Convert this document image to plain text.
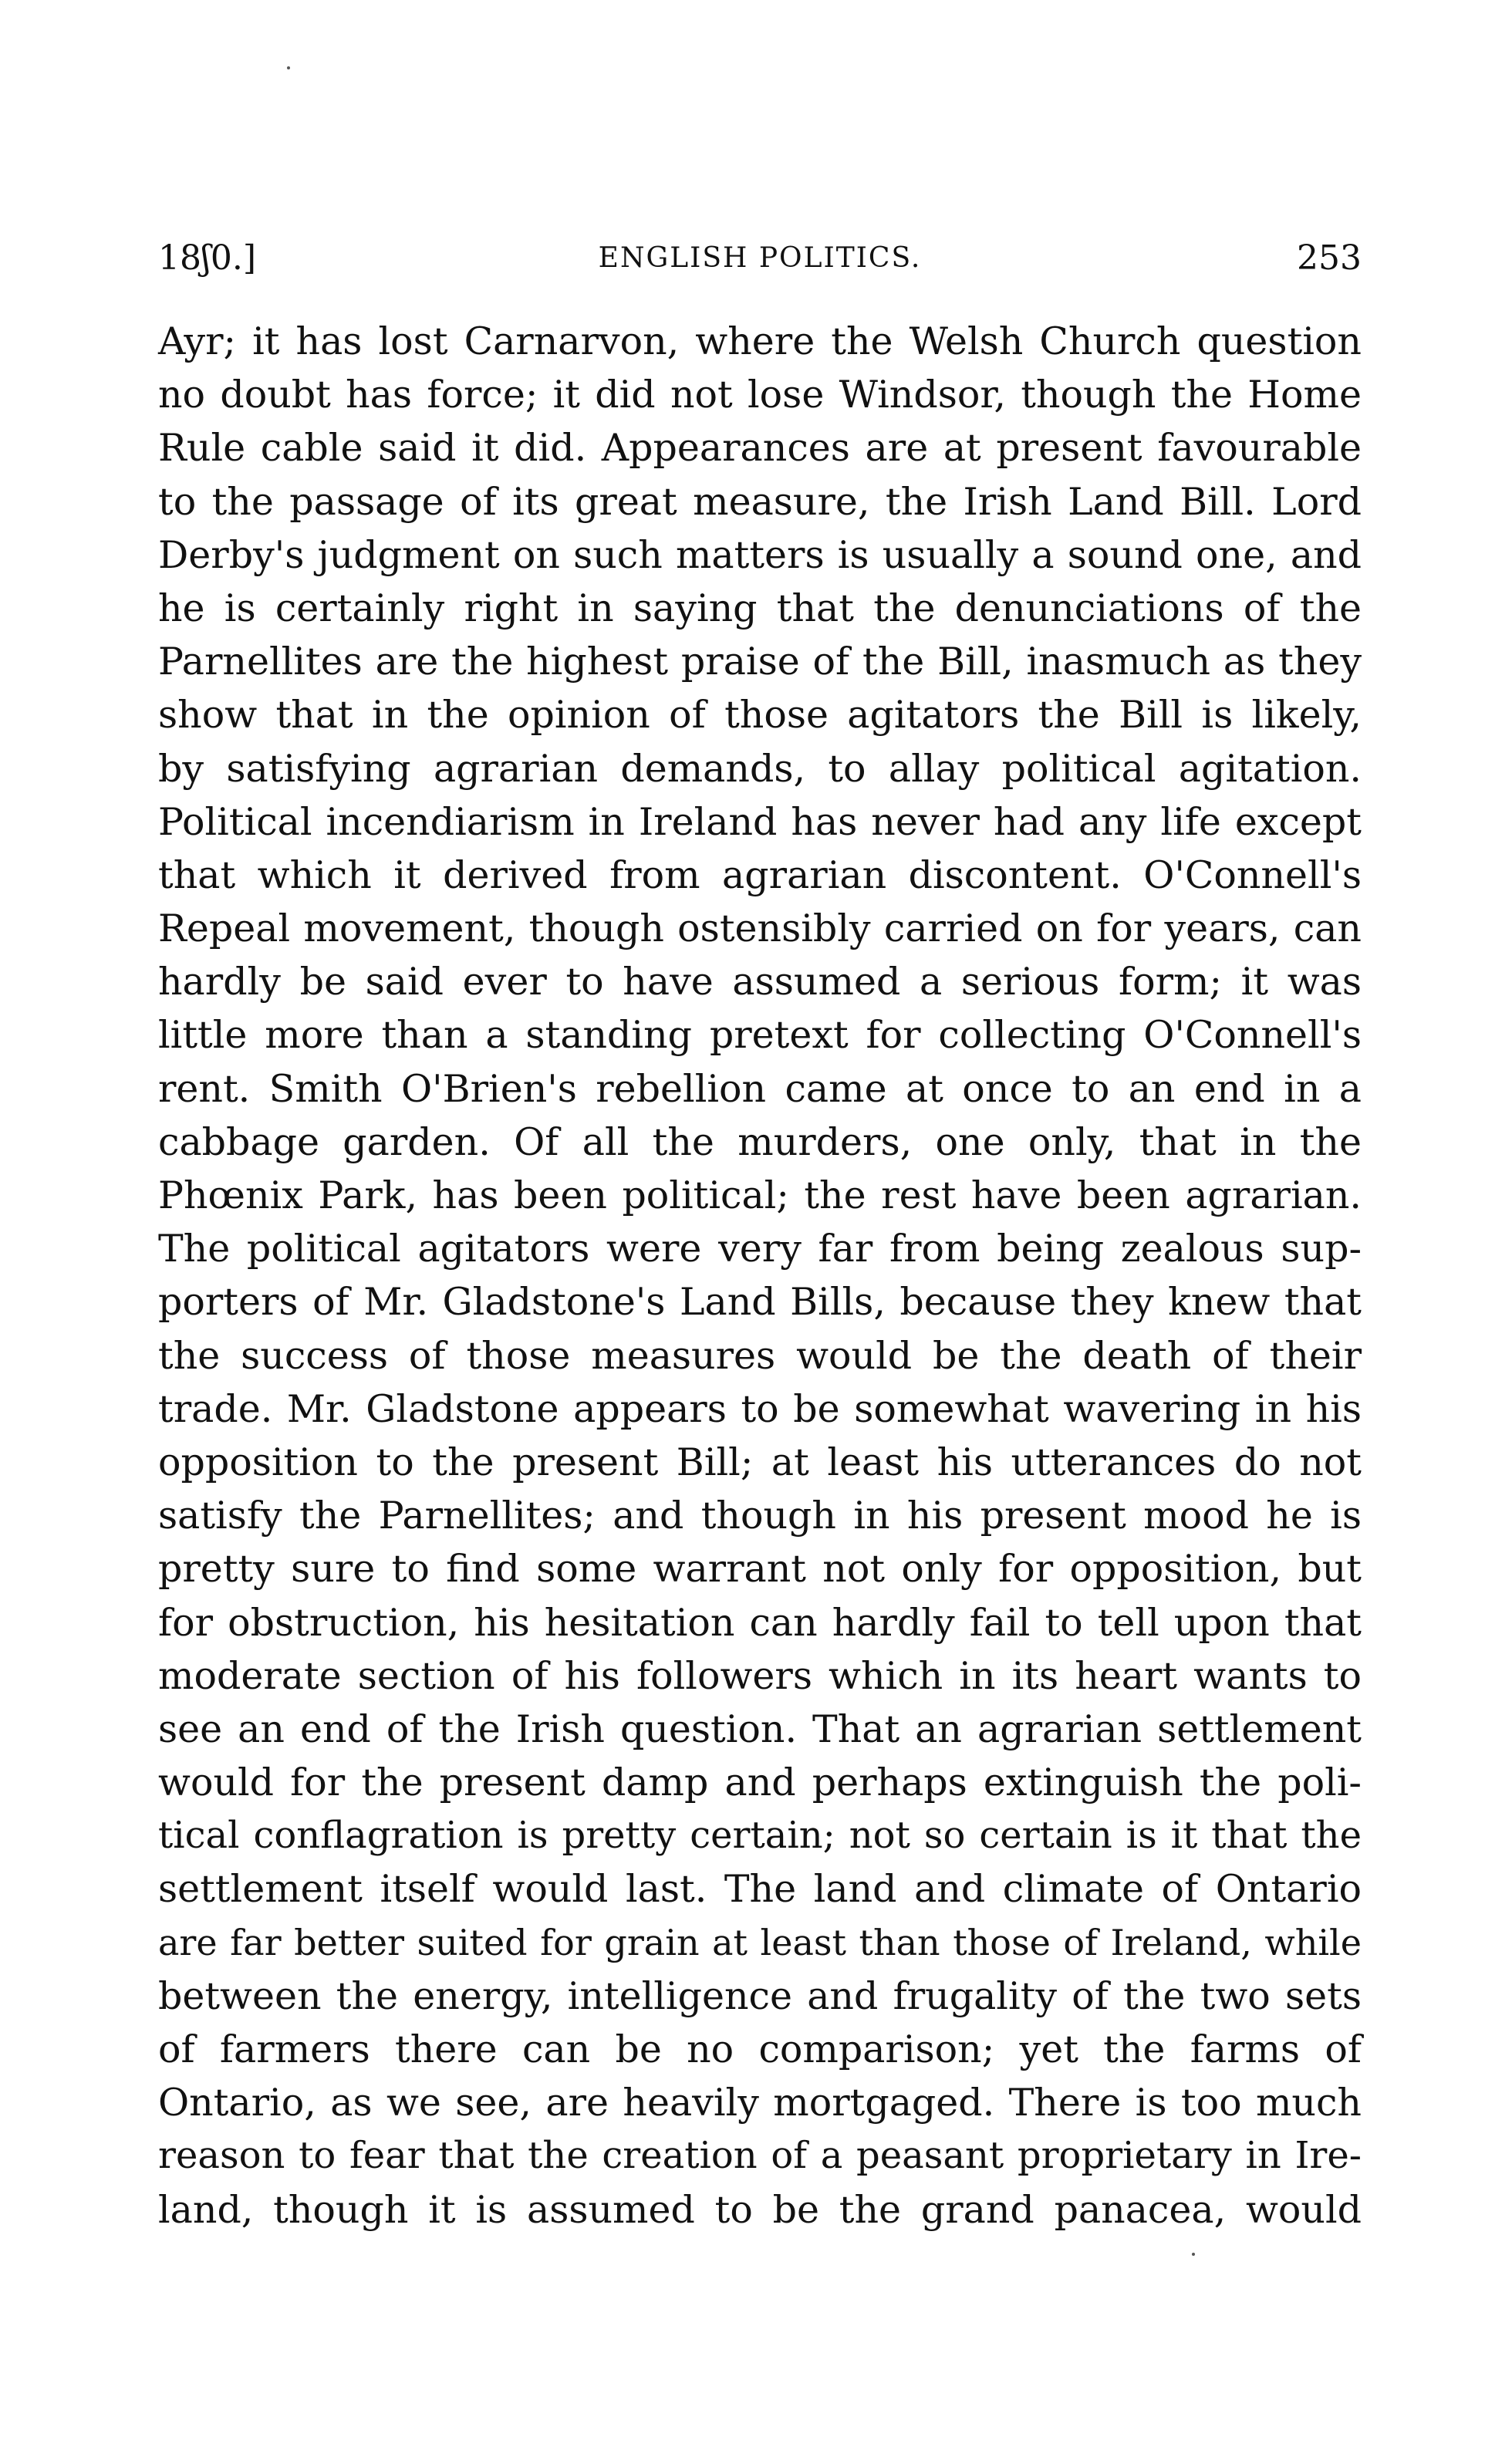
18ʃ0.]	ENGLISH POLITICS.	253
Ayr; it has lost Carnarvon, where the Welsh Church question
no doubt has force; it did not lose Windsor, though the Home
Rule cable said it did. Appearances are at present favourable
to the passage of its great measure, the Irish Land Bill. Lord
Derby's judgment on such matters is usually a sound one, and
he is certainly right in saying that the denunciations of the
Parnellites are the highest praise of the Bill, inasmuch as they
show that in the opinion of those agitators the Bill is likely,
by satisfying agrarian demands, to allay political agitation.
Political incendiarism in Ireland has never had any life except
that which it derived from agrarian discontent. O'Connell's
Repeal movement, though ostensibly carried on for years, can
hardly be said ever to have assumed a serious form; it was
little more than a standing pretext for collecting O'Connell's
rent. Smith O'Brien's rebellion came at once to an end in a
cabbage garden. Of all the murders, one only, that in the
Phœnix Park, has been political; the rest have been agrarian.
The political agitators were very far from being zealous sup-
porters of Mr. Gladstone's Land Bills, because they knew that
the success of those measures would be the death of their
trade. Mr. Gladstone appears to be somewhat wavering in his
opposition to the present Bill; at least his utterances do not
satisfy the Parnellites; and though in his present mood he is
pretty sure to find some warrant not only for opposition, but
for obstruction, his hesitation can hardly fail to tell upon that
moderate section of his followers which in its heart wants to
see an end of the Irish question. That an agrarian settlement
would for the present damp and perhaps extinguish the poli-
tical conflagration is pretty certain; not so certain is it that the
settlement itself would last. The land and climate of Ontario
are far better suited for grain at least than those of Ireland, while
between the energy, intelligence and frugality of the two sets
of farmers there can be no comparison; yet the farms of
Ontario, as we see, are heavily mortgaged. There is too much
reason to fear that the creation of a peasant proprietary in Ire-
land, though it is assumed to be the grand panacea, would
